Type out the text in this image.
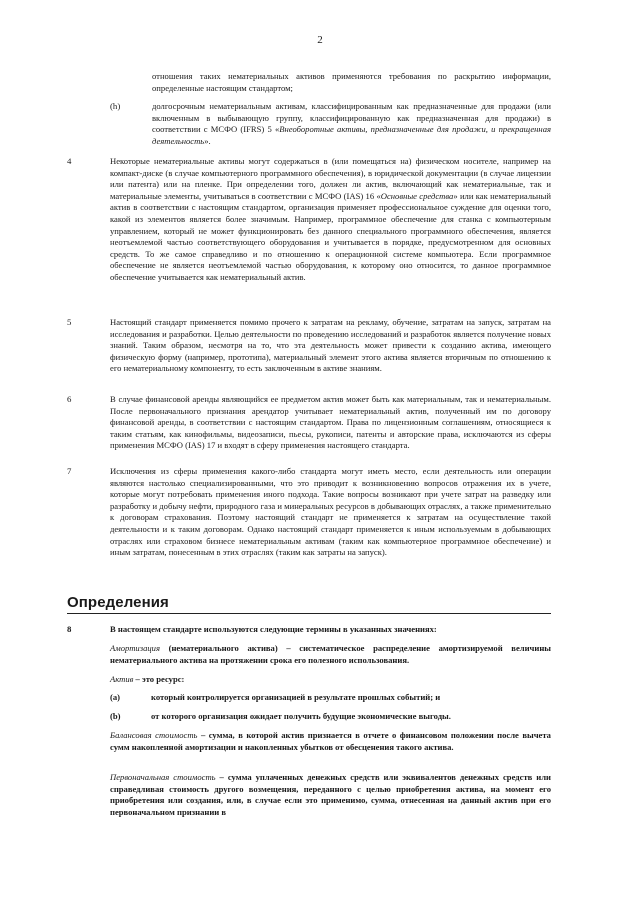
2

отношения таких нематериальных активов применяются требования по раскрытию информации, определенные настоящим стандартом;

(h)	долгосрочным нематериальным активам, классифицированным как предназначенные для продажи (или включенным в выбывающую группу, классифицированную как предназначенная для продажи) в соответствии с МСФО (IFRS) 5 «Внеоборотные активы, предназначенные для продажи, и прекращенная деятельность».

4	Некоторые нематериальные активы могут содержаться в (или помещаться на) физическом носителе, например на компакт-диске (в случае компьютерного программного обеспечения), в юридической документации (в случае лицензии или патента) или на пленке. При определении того, должен ли актив, включающий как нематериальные, так и материальные элементы, учитываться в соответствии с МСФО (IAS) 16 «Основные средства» или как нематериальный актив в соответствии с настоящим стандартом, организация применяет профессиональное суждение для оценки того, какой из элементов является более значимым. Например, программное обеспечение для станка с компьютерным управлением, который не может функционировать без данного специального программного обеспечения, является неотъемлемой частью соответствующего оборудования и учитывается в порядке, предусмотренном для основных средств. То же самое справедливо и по отношению к операционной системе компьютера. Если программное обеспечение не является неотъемлемой частью оборудования, к которому оно относится, то данное программное обеспечение учитывается как нематериальный актив.

5	Настоящий стандарт применяется помимо прочего к затратам на рекламу, обучение, затратам на запуск, затратам на исследования и разработки. Целью деятельности по проведению исследований и разработок является получение новых знаний. Таким образом, несмотря на то, что эта деятельность может привести к созданию актива, имеющего физическую форму (например, прототипа), материальный элемент этого актива является вторичным по отношению к его нематериальному компоненту, то есть заключенным в активе знаниям.

6	В случае финансовой аренды являющийся ее предметом актив может быть как материальным, так и нематериальным. После первоначального признания арендатор учитывает нематериальный актив, полученный им по договору финансовой аренды, в соответствии с настоящим стандартом. Права по лицензионным соглашениям, относящиеся к таким статьям, как кинофильмы, видеозаписи, пьесы, рукописи, патенты и авторские права, исключаются из сферы применения МСФО (IAS) 17 и входят в сферу применения настоящего стандарта.

7	Исключения из сферы применения какого-либо стандарта могут иметь место, если деятельность или операции являются настолько специализированными, что это приводит к возникновению вопросов отражения их в учете, которые могут потребовать применения иного подхода. Такие вопросы возникают при учете затрат на разведку или разработку и добычу нефти, природного газа и минеральных ресурсов в добывающих отраслях, а также применительно к договорам страхования. Поэтому настоящий стандарт не применяется к затратам на осуществление такой деятельности и к таким договорам. Однако настоящий стандарт применяется к иным используемым в добывающих отраслях или страховом бизнесе нематериальным активам (таким как компьютерное программное обеспечение) и иным затратам, понесенным в этих отраслях (таким как затраты на запуск).

Определения
8	В настоящем стандарте используются следующие термины в указанных значениях:

Амортизация (нематериального актива) – систематическое распределение амортизируемой величины нематериального актива на протяжении срока его полезного использования.

Актив – это ресурс:

(a)	который контролируется организацией в результате прошлых событий; и
(b)	от которого организация ожидает получить будущие экономические выгоды.

Балансовая стоимость – сумма, в которой актив признается в отчете о финансовом положении после вычета сумм накопленной амортизации и накопленных убытков от обесценения такого актива.

Первоначальная стоимость – сумма уплаченных денежных средств или эквивалентов денежных средств или справедливая стоимость другого возмещения, переданного с целью приобретения актива, на момент его приобретения или создания, или, в случае если это применимо, сумма, отнесенная на данный актив при его первоначальном признании в
